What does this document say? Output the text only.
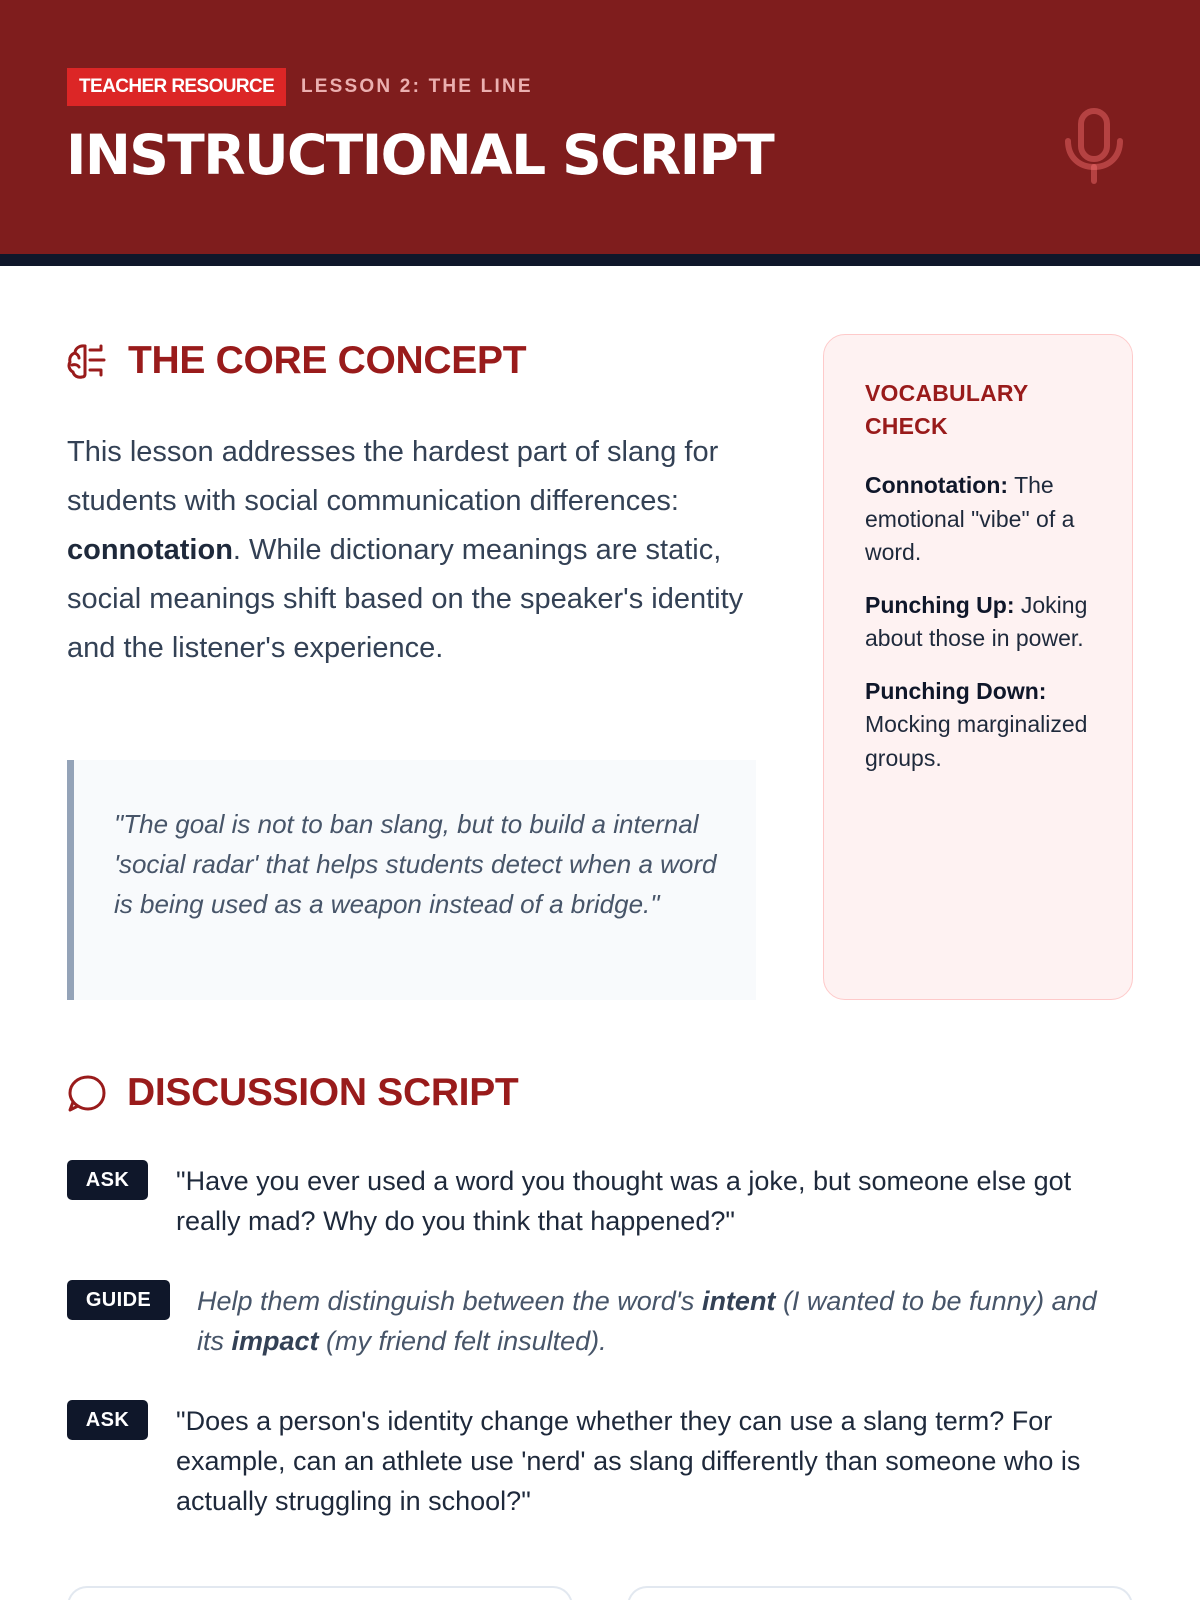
TEACHER RESOURCE	LESSON 2: THE LINE
INSTRUCTIONAL SCRIPT
THE CORE CONCEPT
This lesson addresses the hardest part of slang for students with social communication differences: connotation. While dictionary meanings are static, social meanings shift based on the speaker's identity and the listener's experience.
"The goal is not to ban slang, but to build a internal 'social radar' that helps students detect when a word is being used as a weapon instead of a bridge."
VOCABULARY CHECK
Connotation: The emotional "vibe" of a word.
Punching Up: Joking about those in power.
Punching Down: Mocking marginalized groups.
DISCUSSION SCRIPT
ASK	"Have you ever used a word you thought was a joke, but someone else got really mad? Why do you think that happened?"
GUIDE	Help them distinguish between the word's intent (I wanted to be funny) and its impact (my friend felt insulted).
ASK	"Does a person's identity change whether they can use a slang term? For example, can an athlete use 'nerd' as slang differently than someone who is actually struggling in school?"
